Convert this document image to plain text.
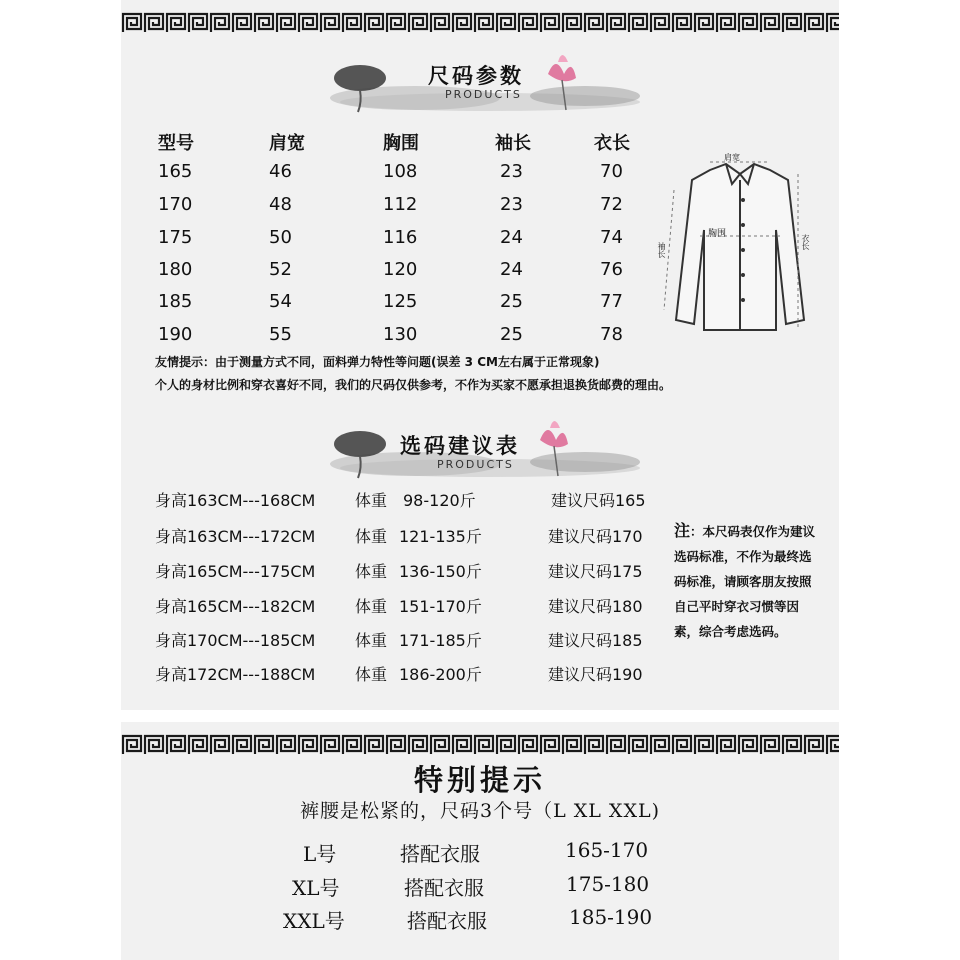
尺码参数
PRODUCTS
型号	肩宽	胸围	袖长	衣长
165	46	108	23	70
170	48	112	23	72
175	50	116	24	74
180	52	120	24	76
185	54	125	25	77
190	55	130	25	78
友情提示：由于测量方式不同，面料弹力特性等问题(误差 3 CM左右属于正常现象)
个人的身材比例和穿衣喜好不同，我们的尺码仅供参考，不作为买家不愿承担退换货邮费的理由。
肩宽
胸围
袖长	衣长
选码建议表
PRODUCTS
身高163CM---168CM 体重 98-120斤	建议尺码165
身高163CM---172CM 体重 121-135斤	建议尺码170
身高165CM---175CM 体重 136-150斤	建议尺码175
身高165CM---182CM 体重 151-170斤	建议尺码180
身高170CM---185CM 体重 171-185斤	建议尺码185
身高172CM---188CM 体重 186-200斤	建议尺码190
注：本尺码表仅作为建议选码标准，不作为最终选码标准，请顾客朋友按照自己平时穿衣习惯等因素，综合考虑选码。
特别提示
裤腰是松紧的，尺码3个号（L XL XXL)
L号	搭配衣服	165-170
XL号	搭配衣服	175-180
XXL号	搭配衣服	185-190
